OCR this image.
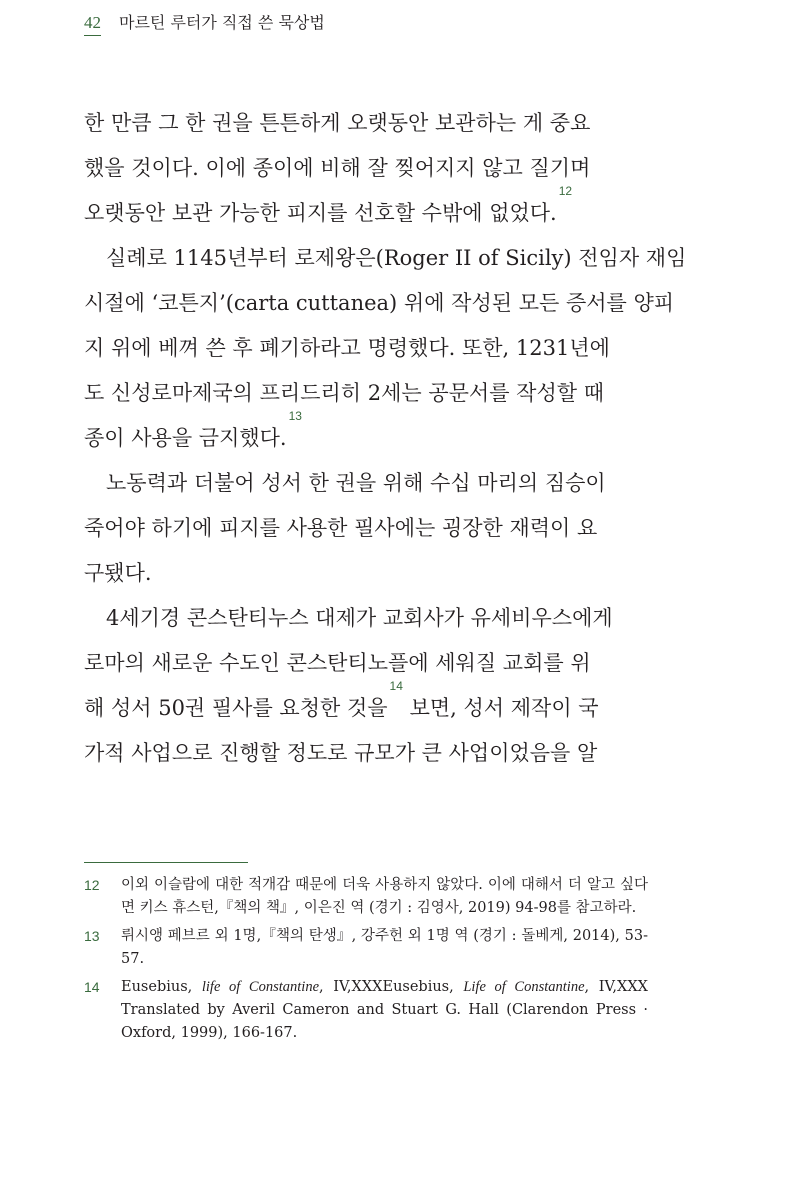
42 마르틴 루터가 직접 쓴 묵상법
한 만큼 그 한 권을 튼튼하게 오랫동안 보관하는 게 중요
했을 것이다. 이에 종이에 비해 잘 찢어지지 않고 질기며
오랫동안 보관 가능한 피지를 선호할 수밖에 없었다.
12
실례로 1145년부터 로제왕은(Roger II of Sicily) 전임자 재임
시절에 ‘코튼지’(carta cuttanea) 위에 작성된 모든 증서를 양피
지 위에 베껴 쓴 후 폐기하라고 명령했다. 또한, 1231년에
도 신성로마제국의 프리드리히 2세는 공문서를 작성할 때
종이 사용을 금지했다.
13
노동력과 더불어 성서 한 권을 위해 수십 마리의 짐승이
죽어야 하기에 피지를 사용한 필사에는 굉장한 재력이 요
구됐다.
4세기경 콘스탄티누스 대제가 교회사가 유세비우스에게
로마의 새로운 수도인 콘스탄티노플에 세워질 교회를 위
해 성서 50권 필사를 요청한 것을
14

보면, 성서 제작이 국
가적 사업으로 진행할 정도로 규모가 큰 사업이었음을 알
12	이외 이슬람에 대한 적개감 때문에 더욱 사용하지 않았다. 이에 대해서 더 알고 싶다면 키스 휴스턴,『책의 책』, 이은진 역 (경기 : 김영사, 2019) 94-98를 참고하라.
13	뤼시앵 페브르 외 1명,『책의 탄생』, 강주헌 외 1명 역 (경기 : 돌베게, 2014), 53-57.
14	Eusebius, life of Constantine, IV,XXXEusebius, Life of Constantine, IV,XXX Translated by Averil Cameron and Stuart G. Hall (Clarendon Press · Oxford, 1999), 166-167.
